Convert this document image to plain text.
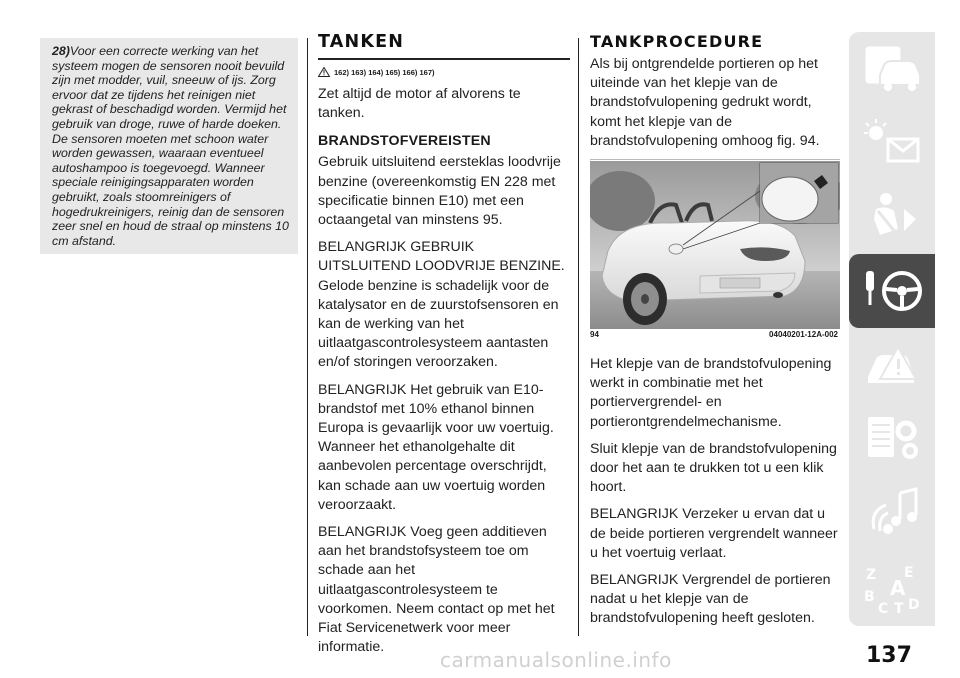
28)Voor een correcte werking van het systeem mogen de sensoren nooit bevuild zijn met modder, vuil, sneeuw of ijs. Zorg ervoor dat ze tijdens het reinigen niet gekrast of beschadigd worden. Vermijd het gebruik van droge, ruwe of harde doeken. De sensoren moeten met schoon water worden gewassen, waaraan eventueel autoshampoo is toegevoegd. Wanneer speciale reinigingsapparaten worden gebruikt, zoals stoomreinigers of hogedrukreinigers, reinig dan de sensoren zeer snel en houd de straal op minstens 10 cm afstand.

TANKEN
162) 163) 164) 165) 166) 167)

Zet altijd de motor af alvorens te tanken.

BRANDSTOFVEREISTEN

Gebruik uitsluitend eersteklas loodvrije benzine (overeenkomstig EN 228 met specificatie binnen E10) met een octaangetal van minstens 95.

BELANGRIJK GEBRUIK UITSLUITEND LOODVRIJE BENZINE. Gelode benzine is schadelijk voor de katalysator en de zuurstofsensoren en kan de werking van het uitlaatgascontrolesysteem aantasten en/of storingen veroorzaken.

BELANGRIJK Het gebruik van E10-brandstof met 10% ethanol binnen Europa is gevaarlijk voor uw voertuig. Wanneer het ethanolgehalte dit aanbevolen percentage overschrijdt, kan schade aan uw voertuig worden veroorzaakt.

BELANGRIJK Voeg geen additieven aan het brandstofsysteem toe om schade aan het uitlaatgascontrolesysteem te voorkomen. Neem contact op met het Fiat Servicenetwerk voor meer informatie.

TANKPROCEDURE

Als bij ontgrendelde portieren op het uiteinde van het klepje van de brandstofvulopening gedrukt wordt, komt het klepje van de brandstofvulopening omhoog fig. 94.

94	04040201-12A-002

Het klepje van de brandstofvulopening werkt in combinatie met het portiervergrendel- en portierontgrendelmechanisme.

Sluit klepje van de brandstofvulopening door het aan te drukken tot u een klik hoort.

BELANGRIJK Verzeker u ervan dat u de beide portieren vergrendelt wanneer u het voertuig verlaat.

BELANGRIJK Vergrendel de portieren nadat u het klepje van de brandstofvulopening heeft gesloten.

Z E
B A
C T D
carmanualsonline.info	137
